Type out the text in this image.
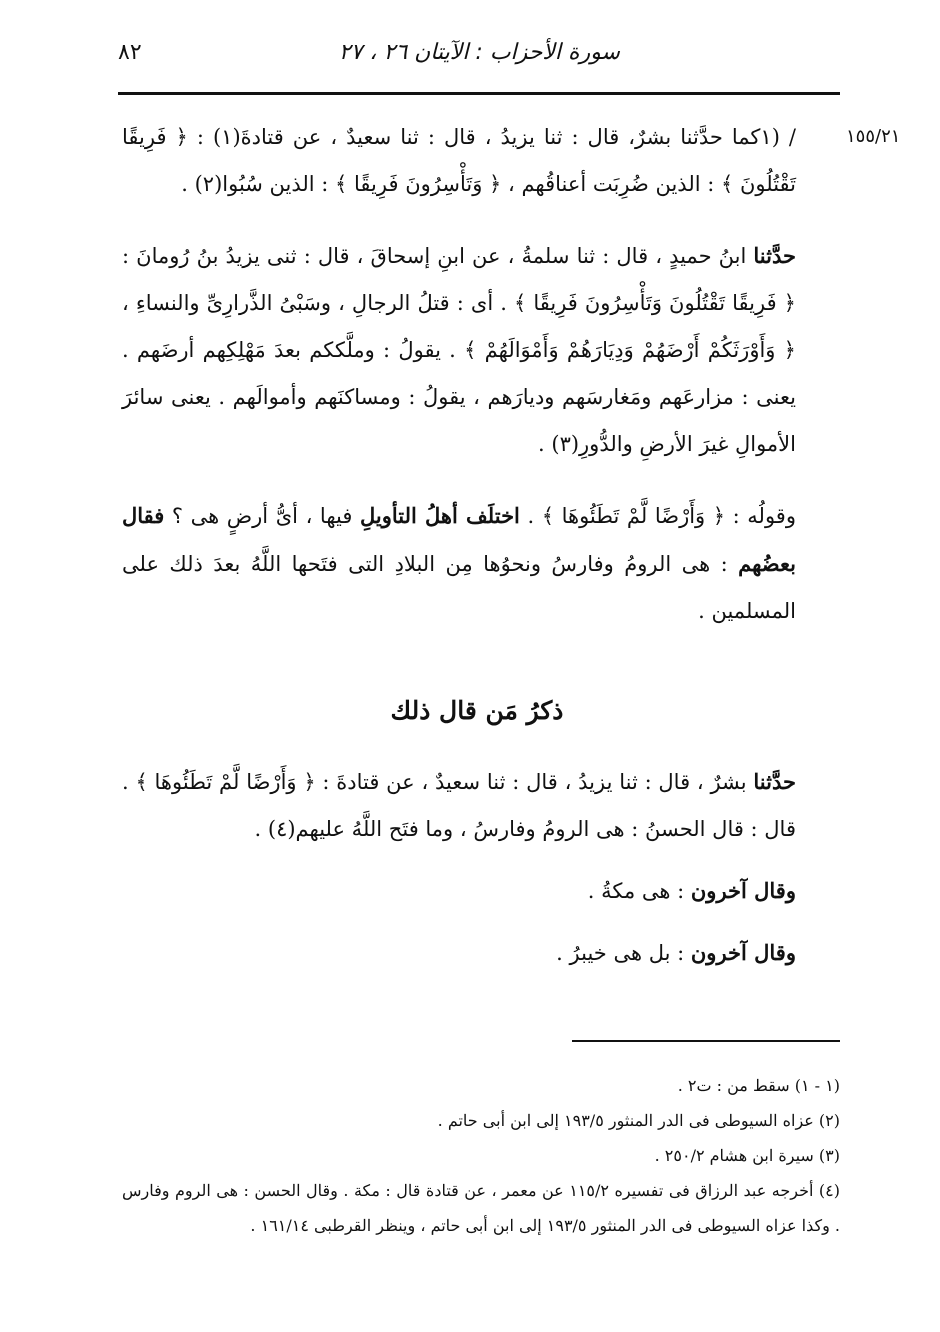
٨٢	سورة الأحزاب : الآيتان ٢٦ ، ٢٧
١٥٥/٢١

/ (١كما حدَّثنا بشرٌ، قال : ثنا يزيدُ ، قال : ثنا سعيدٌ ، عن قتادةَ(١) : ﴿ فَرِيقًا تَقْتُلُونَ ﴾ : الذين ضُرِبَت أعناقُهم ، ﴿ وَتَأْسِرُونَ فَرِيقًا ﴾ : الذين سُبُوا(٢) .

حدَّثنا ابنُ حميدٍ ، قال : ثنا سلمةُ ، عن ابنِ إسحاقَ ، قال : ثنى يزيدُ بنُ رُومانَ : ﴿ فَرِيقًا تَقْتُلُونَ وَتَأْسِرُونَ فَرِيقًا ﴾ . أى : قتلُ الرجالِ ، وسَبْىُ الذَّرارِىِّ والنساءِ ، ﴿ وَأَوْرَثَكُمْ أَرْضَهُمْ وَدِيَارَهُمْ وَأَمْوَالَهُمْ ﴾ . يقولُ : وملَّككم بعدَ مَهْلِكِهم أرضَهم . يعنى : مزارعَهم ومَغارسَهم وديارَهم ، يقولُ : ومساكنَهم وأموالَهم . يعنى سائرَ الأموالِ غيرَ الأرضِ والدُّورِ(٣) .

وقولُه : ﴿ وَأَرْضًا لَّمْ تَطَئُوهَا ﴾ . اختلَف أهلُ التأويلِ فيها ، أىُّ أرضٍ هى ؟ فقال بعضُهم : هى الرومُ وفارسُ ونحوُها مِن البلادِ التى فتَحها اللَّهُ بعدَ ذلك على المسلمين .

ذكرُ مَن قال ذلك

حدَّثنا بشرٌ ، قال : ثنا يزيدُ ، قال : ثنا سعيدٌ ، عن قتادةَ : ﴿ وَأَرْضًا لَّمْ تَطَئُوهَا ﴾ . قال : قال الحسنُ : هى الرومُ وفارسُ ، وما فتَح اللَّهُ عليهم(٤) .

وقال آخرون : هى مكةُ .

وقال آخرون : بل هى خيبرُ .

(١ - ١) سقط من : ت٢ .

(٢) عزاه السيوطى فى الدر المنثور ١٩٣/٥ إلى ابن أبى حاتم .

(٣) سيرة ابن هشام ٢٥٠/٢ .

(٤) أخرجه عبد الرزاق فى تفسيره ١١٥/٢ عن معمر ، عن قتادة قال : مكة . وقال الحسن : هى الروم وفارس . وكذا عزاه السيوطى فى الدر المنثور ١٩٣/٥ إلى ابن أبى حاتم ، وينظر القرطبى ١٦١/١٤ .
